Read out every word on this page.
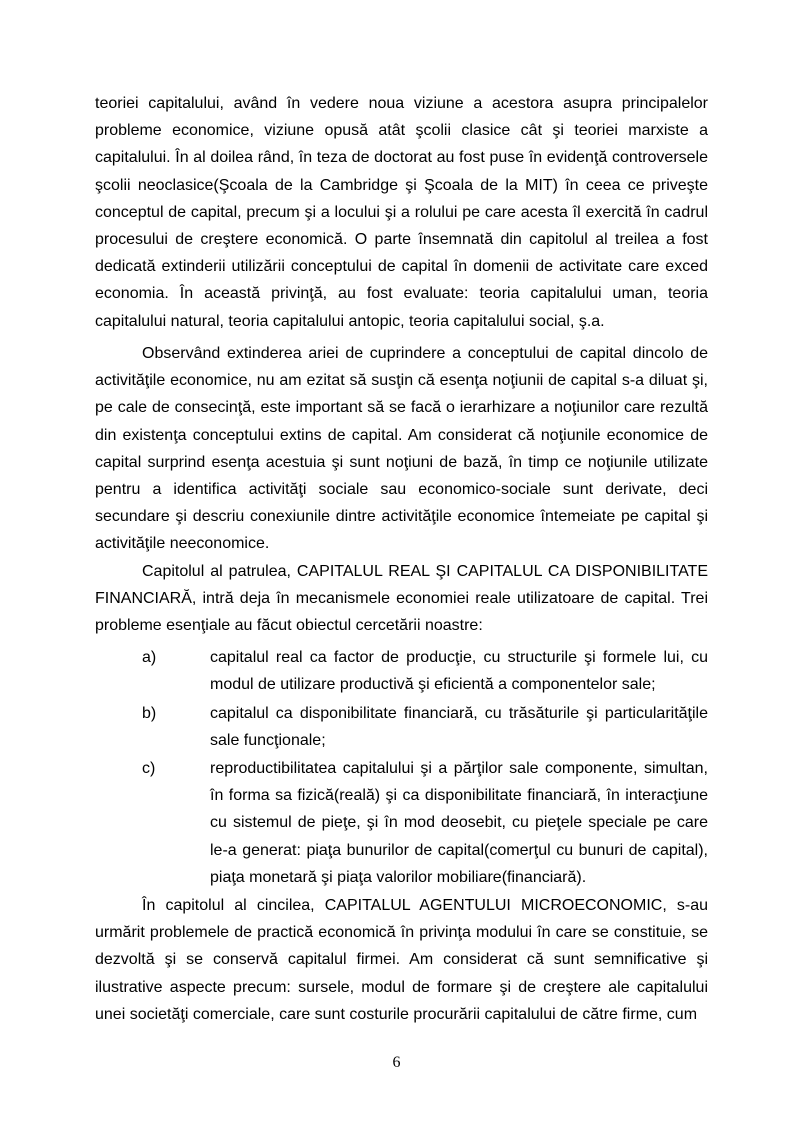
teoriei capitalului, având în vedere noua viziune a acestora asupra principalelor probleme economice, viziune opusă atât şcolii clasice cât şi teoriei marxiste a capitalului. În al doilea rând, în teza de doctorat au fost puse în evidenţă controversele şcolii neoclasice(Şcoala de la Cambridge şi Şcoala de la MIT) în ceea ce priveşte conceptul de capital, precum şi a locului şi a rolului pe care acesta îl exercită în cadrul procesului de creştere economică. O parte însemnată din capitolul al treilea a fost dedicată extinderii utilizării conceptului de capital în domenii de activitate care exced economia. În această privinţă, au fost evaluate: teoria capitalului uman, teoria capitalului natural, teoria capitalului antopic, teoria capitalului social, ş.a.

Observând extinderea ariei de cuprindere a conceptului de capital dincolo de activităţile economice, nu am ezitat să susţin că esenţa noţiunii de capital s-a diluat şi, pe cale de consecinţă, este important să se facă o ierarhizare a noţiunilor care rezultă din existenţa conceptului extins de capital. Am considerat că noţiunile economice de capital surprind esenţa acestuia şi sunt noţiuni de bază, în timp ce noţiunile utilizate pentru a identifica activităţi sociale sau economico-sociale sunt derivate, deci secundare şi descriu conexiunile dintre activităţile economice întemeiate pe capital şi activităţile neeconomice.

Capitolul al patrulea, CAPITALUL REAL ŞI CAPITALUL CA DISPONIBILITATE FINANCIARĂ, intră deja în mecanismele economiei reale utilizatoare de capital. Trei probleme esenţiale au făcut obiectul cercetării noastre:

a)	capitalul real ca factor de producţie, cu structurile şi formele lui, cu modul de utilizare productivă şi eficientă a componentelor sale;
b)	capitalul ca disponibilitate financiară, cu trăsăturile şi particularităţile sale funcţionale;
c)	reproductibilitatea capitalului şi a părţilor sale componente, simultan, în forma sa fizică(reală) şi ca disponibilitate financiară, în interacţiune cu sistemul de pieţe, şi în mod deosebit, cu pieţele speciale pe care le-a generat: piaţa bunurilor de capital(comerţul cu bunuri de capital), piaţa monetară şi piaţa valorilor mobiliare(financiară).

În capitolul al cincilea, CAPITALUL AGENTULUI MICROECONOMIC, s-au urmărit problemele de practică economică în privinţa modului în care se constituie, se dezvoltă şi se conservă capitalul firmei. Am considerat că sunt semnificative şi ilustrative aspecte precum: sursele, modul de formare şi de creştere ale capitalului unei societăţi comerciale, care sunt costurile procurării capitalului de către firme, cum

6
